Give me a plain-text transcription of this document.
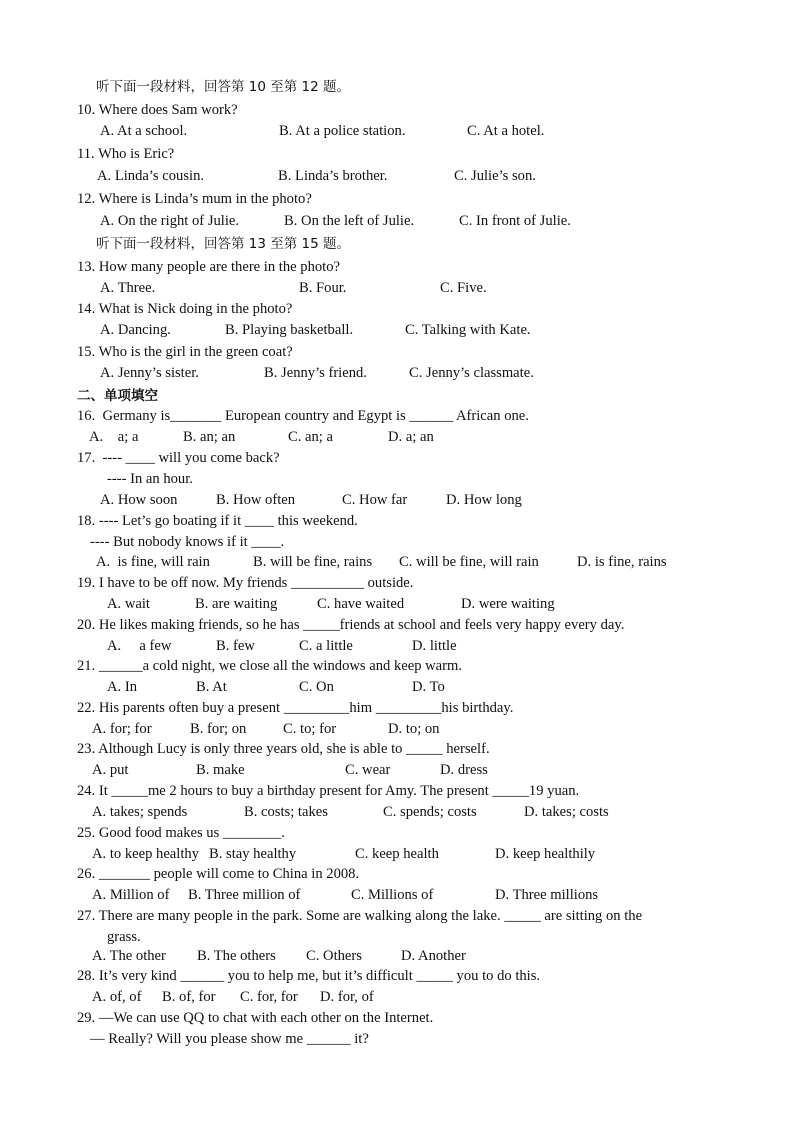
听下面一段材料，回答第 10 至第 12 题。
10. Where does Sam work?
A. At a school.	B. At a police station.	C. At a hotel.
11. Who is Eric?
A. Linda’s cousin.	B. Linda’s brother.	C. Julie’s son.
12. Where is Linda’s mum in the photo?
A. On the right of Julie.	B. On the left of Julie.	C. In front of Julie.
听下面一段材料，回答第 13 至第 15 题。
13. How many people are there in the photo?
A. Three.	B. Four.	C. Five.
14. What is Nick doing in the photo?
A. Dancing.	B. Playing basketball.	C. Talking with Kate.
15. Who is the girl in the green coat?
A. Jenny’s sister.	B. Jenny’s friend.	C. Jenny’s classmate.
二、单项填空
16.  Germany is_______ European country and Egypt is ______ African one.
A.    a; a	B. an; an	C. an; a	D. a; an
17.  ---- ____ will you come back?
---- In an hour.
A. How soon	B. How often	C. How far	D. How long
18. ---- Let’s go boating if it ____ this weekend.
---- But nobody knows if it ____.
A.  is fine, will rain	B. will be fine, rains C. will be fine, will rain	D. is fine, rains
19. I have to be off now. My friends __________ outside.
A. wait	B. are waiting	C. have waited	D. were waiting
20. He likes making friends, so he has _____friends at school and feels very happy every day.
A.     a few	B. few	C. a little	D. little
21. ______a cold night, we close all the windows and keep warm.
A. In	B. At	C. On	D. To
22. His parents often buy a present _________him _________his birthday.
A. for; for	B. for; on	C. to; for	D. to; on
23. Although Lucy is only three years old, she is able to _____ herself.
A. put	B. make	C. wear	D. dress
24. It _____me 2 hours to buy a birthday present for Amy. The present _____19 yuan.
A. takes; spends	B. costs; takes	C. spends; costs	D. takes; costs
25. Good food makes us ________.
A. to keep healthy B. stay healthy	C. keep health	D. keep healthily
26. _______ people will come to China in 2008.
A. Million of B. Three million of	C. Millions of	D. Three millions
27. There are many people in the park. Some are walking along the lake. _____ are sitting on the
grass.
A. The other B. The others C. Others	D. Another
28. It’s very kind ______ you to help me, but it’s difficult _____ you to do this.
A. of, of B. of, for C. for, for D. for, of
29. —We can use QQ to chat with each other on the Internet.
— Really? Will you please show me ______ it?
